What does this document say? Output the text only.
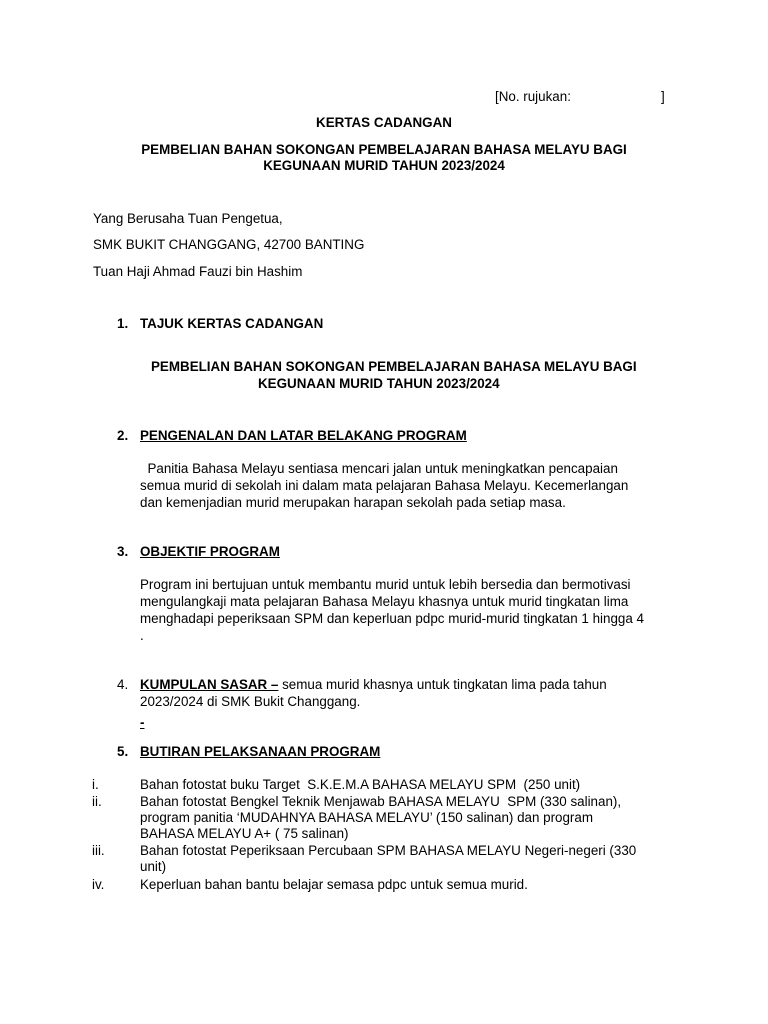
[No. rujukan:	]
KERTAS CADANGAN
PEMBELIAN BAHAN SOKONGAN PEMBELAJARAN BAHASA MELAYU BAGI
KEGUNAAN MURID TAHUN 2023/2024
Yang Berusaha Tuan Pengetua,
SMK BUKIT CHANGGANG, 42700 BANTING
Tuan Haji Ahmad Fauzi bin Hashim
1. TAJUK KERTAS CADANGAN
PEMBELIAN BAHAN SOKONGAN PEMBELAJARAN BAHASA MELAYU BAGI
KEGUNAAN MURID TAHUN 2023/2024
2. PENGENALAN DAN LATAR BELAKANG PROGRAM
Panitia Bahasa Melayu sentiasa mencari jalan untuk meningkatkan pencapaian
semua murid di sekolah ini dalam mata pelajaran Bahasa Melayu. Kecemerlangan
dan kemenjadian murid merupakan harapan sekolah pada setiap masa.
3. OBJEKTIF PROGRAM
Program ini bertujuan untuk membantu murid untuk lebih bersedia dan bermotivasi
mengulangkaji mata pelajaran Bahasa Melayu khasnya untuk murid tingkatan lima
menghadapi peperiksaan SPM dan keperluan pdpc murid-murid tingkatan 1 hingga 4
.
4. KUMPULAN SASAR – semua murid khasnya untuk tingkatan lima pada tahun
2023/2024 di SMK Bukit Changgang.
-
5. BUTIRAN PELAKSANAAN PROGRAM
i.	Bahan fotostat buku Target  S.K.E.M.A BAHASA MELAYU SPM  (250 unit)
ii.	Bahan fotostat Bengkel Teknik Menjawab BAHASA MELAYU  SPM (330 salinan),
program panitia ‘MUDAHNYA BAHASA MELAYU’ (150 salinan) dan program
BAHASA MELAYU A+ ( 75 salinan)
iii.	Bahan fotostat Peperiksaan Percubaan SPM BAHASA MELAYU Negeri-negeri (330
unit)
iv.	Keperluan bahan bantu belajar semasa pdpc untuk semua murid.
